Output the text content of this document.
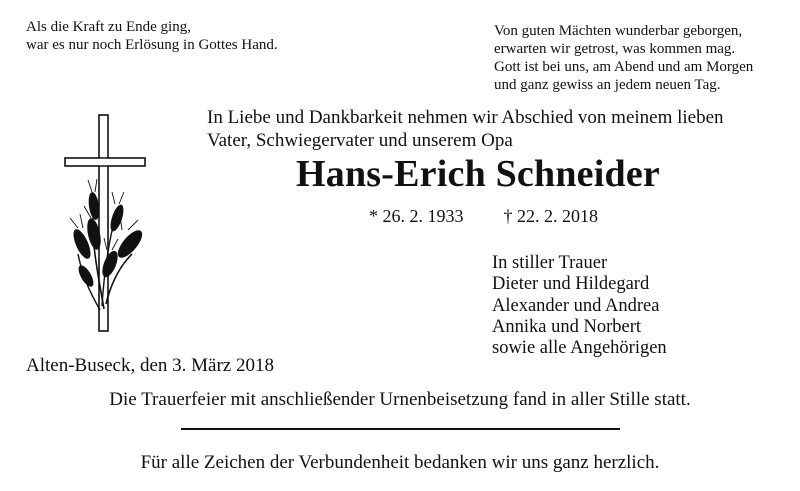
Als die Kraft zu Ende ging,
war es nur noch Erlösung in Gottes Hand.
Von guten Mächten wunderbar geborgen,
erwarten wir getrost, was kommen mag.
Gott ist bei uns, am Abend und am Morgen
und ganz gewiss an jedem neuen Tag.
In Liebe und Dankbarkeit nehmen wir Abschied von meinem lieben
Vater, Schwiegervater und unserem Opa
Hans-Erich Schneider
* 26. 2. 1933 † 22. 2. 2018
In stiller Trauer
Dieter und Hildegard
Alexander und Andrea
Annika und Norbert
sowie alle Angehörigen
Alten-Buseck, den 3. März 2018
Die Trauerfeier mit anschließender Urnenbeisetzung fand in aller Stille statt.
Für alle Zeichen der Verbundenheit bedanken wir uns ganz herzlich.
